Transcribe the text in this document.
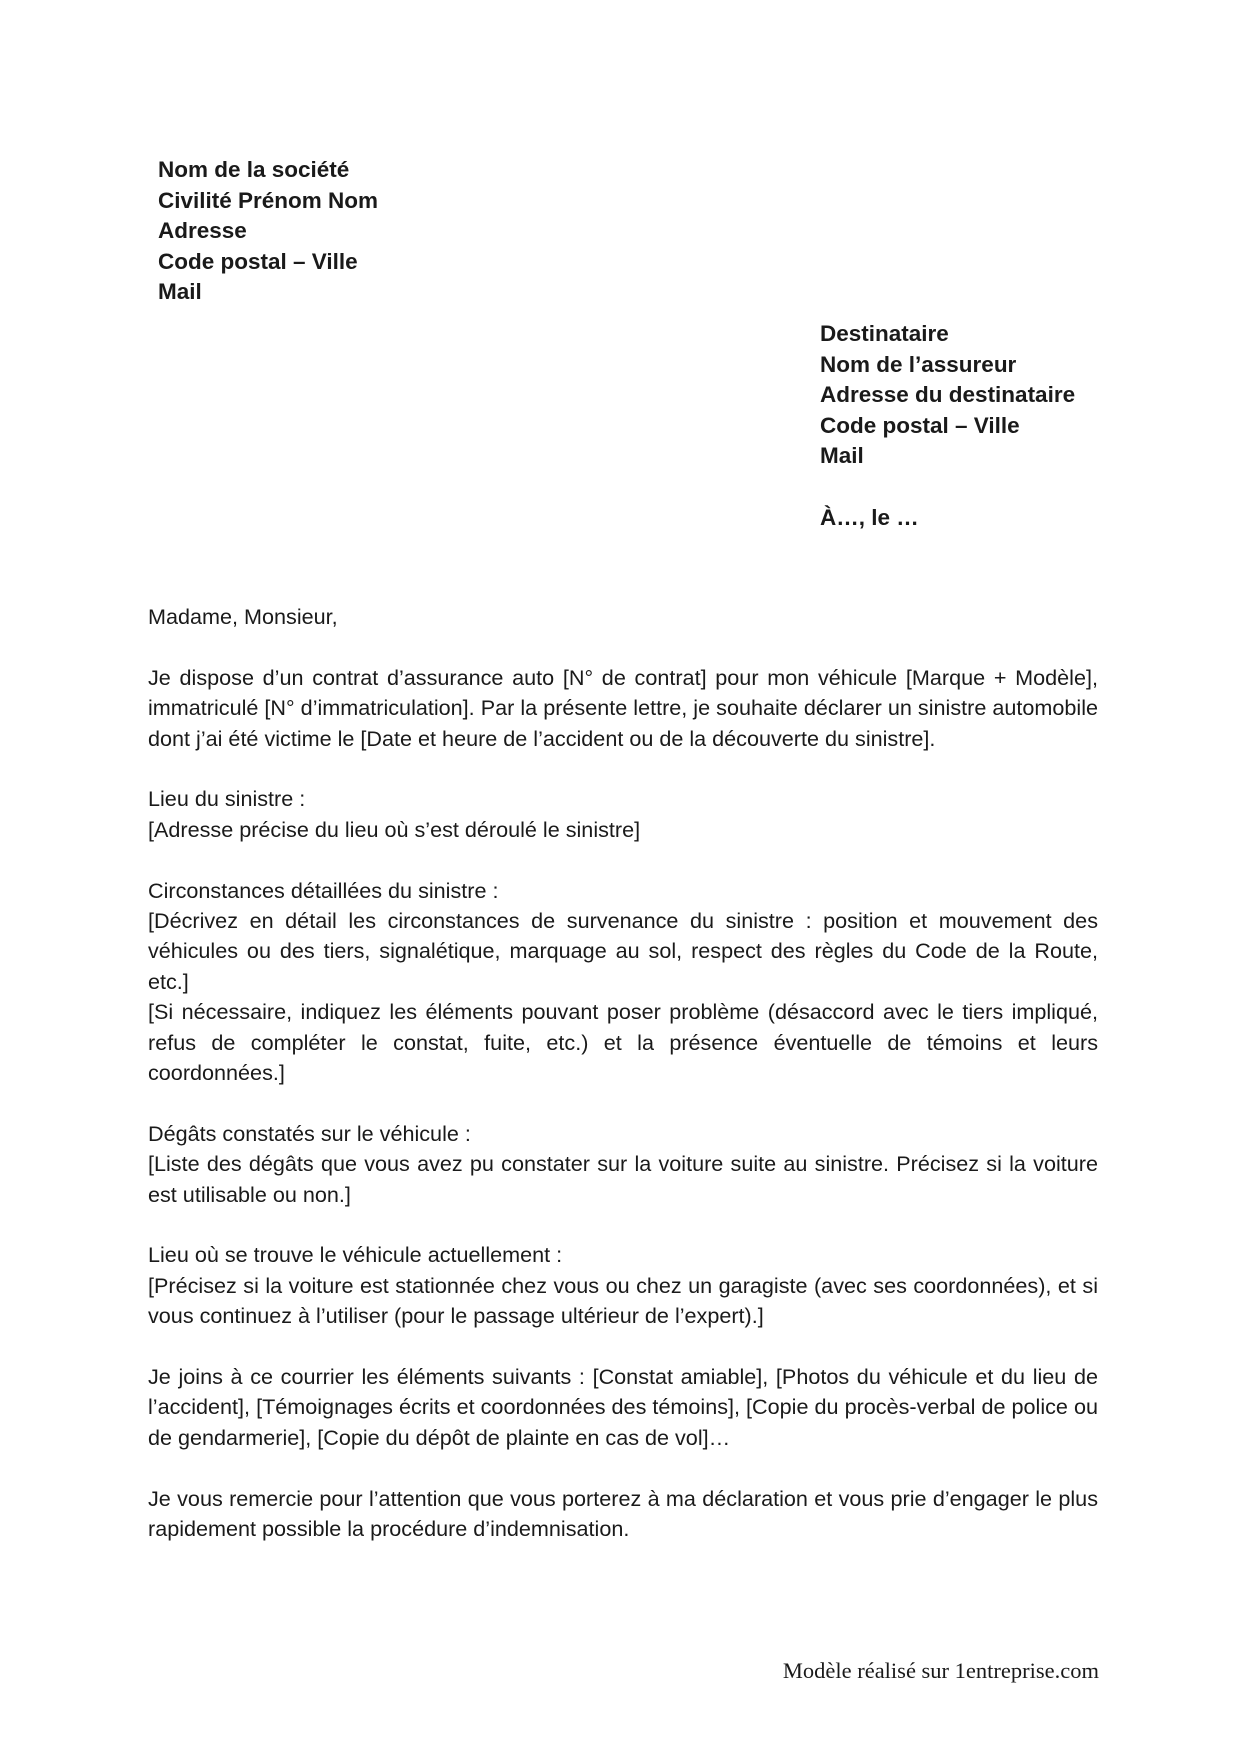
Nom de la société
Civilité Prénom Nom
Adresse
Code postal – Ville
Mail
Destinataire
Nom de l’assureur
Adresse du destinataire
Code postal – Ville
Mail
À…, le …

Madame, Monsieur,

Je dispose d’un contrat d’assurance auto [N° de contrat] pour mon véhicule [Marque + Modèle], immatriculé [N° d’immatriculation]. Par la présente lettre, je souhaite déclarer un sinistre automobile dont j’ai été victime le [Date et heure de l’accident ou de la découverte du sinistre].

Lieu du sinistre :

[Adresse précise du lieu où s’est déroulé le sinistre]

Circonstances détaillées du sinistre :

[Décrivez en détail les circonstances de survenance du sinistre : position et mouvement des véhicules ou des tiers, signalétique, marquage au sol, respect des règles du Code de la Route, etc.]

[Si nécessaire, indiquez les éléments pouvant poser problème (désaccord avec le tiers impliqué, refus de compléter le constat, fuite, etc.) et la présence éventuelle de témoins et leurs coordonnées.]

Dégâts constatés sur le véhicule :

[Liste des dégâts que vous avez pu constater sur la voiture suite au sinistre. Précisez si la voiture est utilisable ou non.]

Lieu où se trouve le véhicule actuellement :

[Précisez si la voiture est stationnée chez vous ou chez un garagiste (avec ses coordonnées), et si vous continuez à l’utiliser (pour le passage ultérieur de l’expert).]

Je joins à ce courrier les éléments suivants : [Constat amiable], [Photos du véhicule et du lieu de l’accident], [Témoignages écrits et coordonnées des témoins], [Copie du procès-verbal de police ou de gendarmerie], [Copie du dépôt de plainte en cas de vol]…

Je vous remercie pour l’attention que vous porterez à ma déclaration et vous prie d’engager le plus rapidement possible la procédure d’indemnisation.

Modèle réalisé sur 1entreprise.com
